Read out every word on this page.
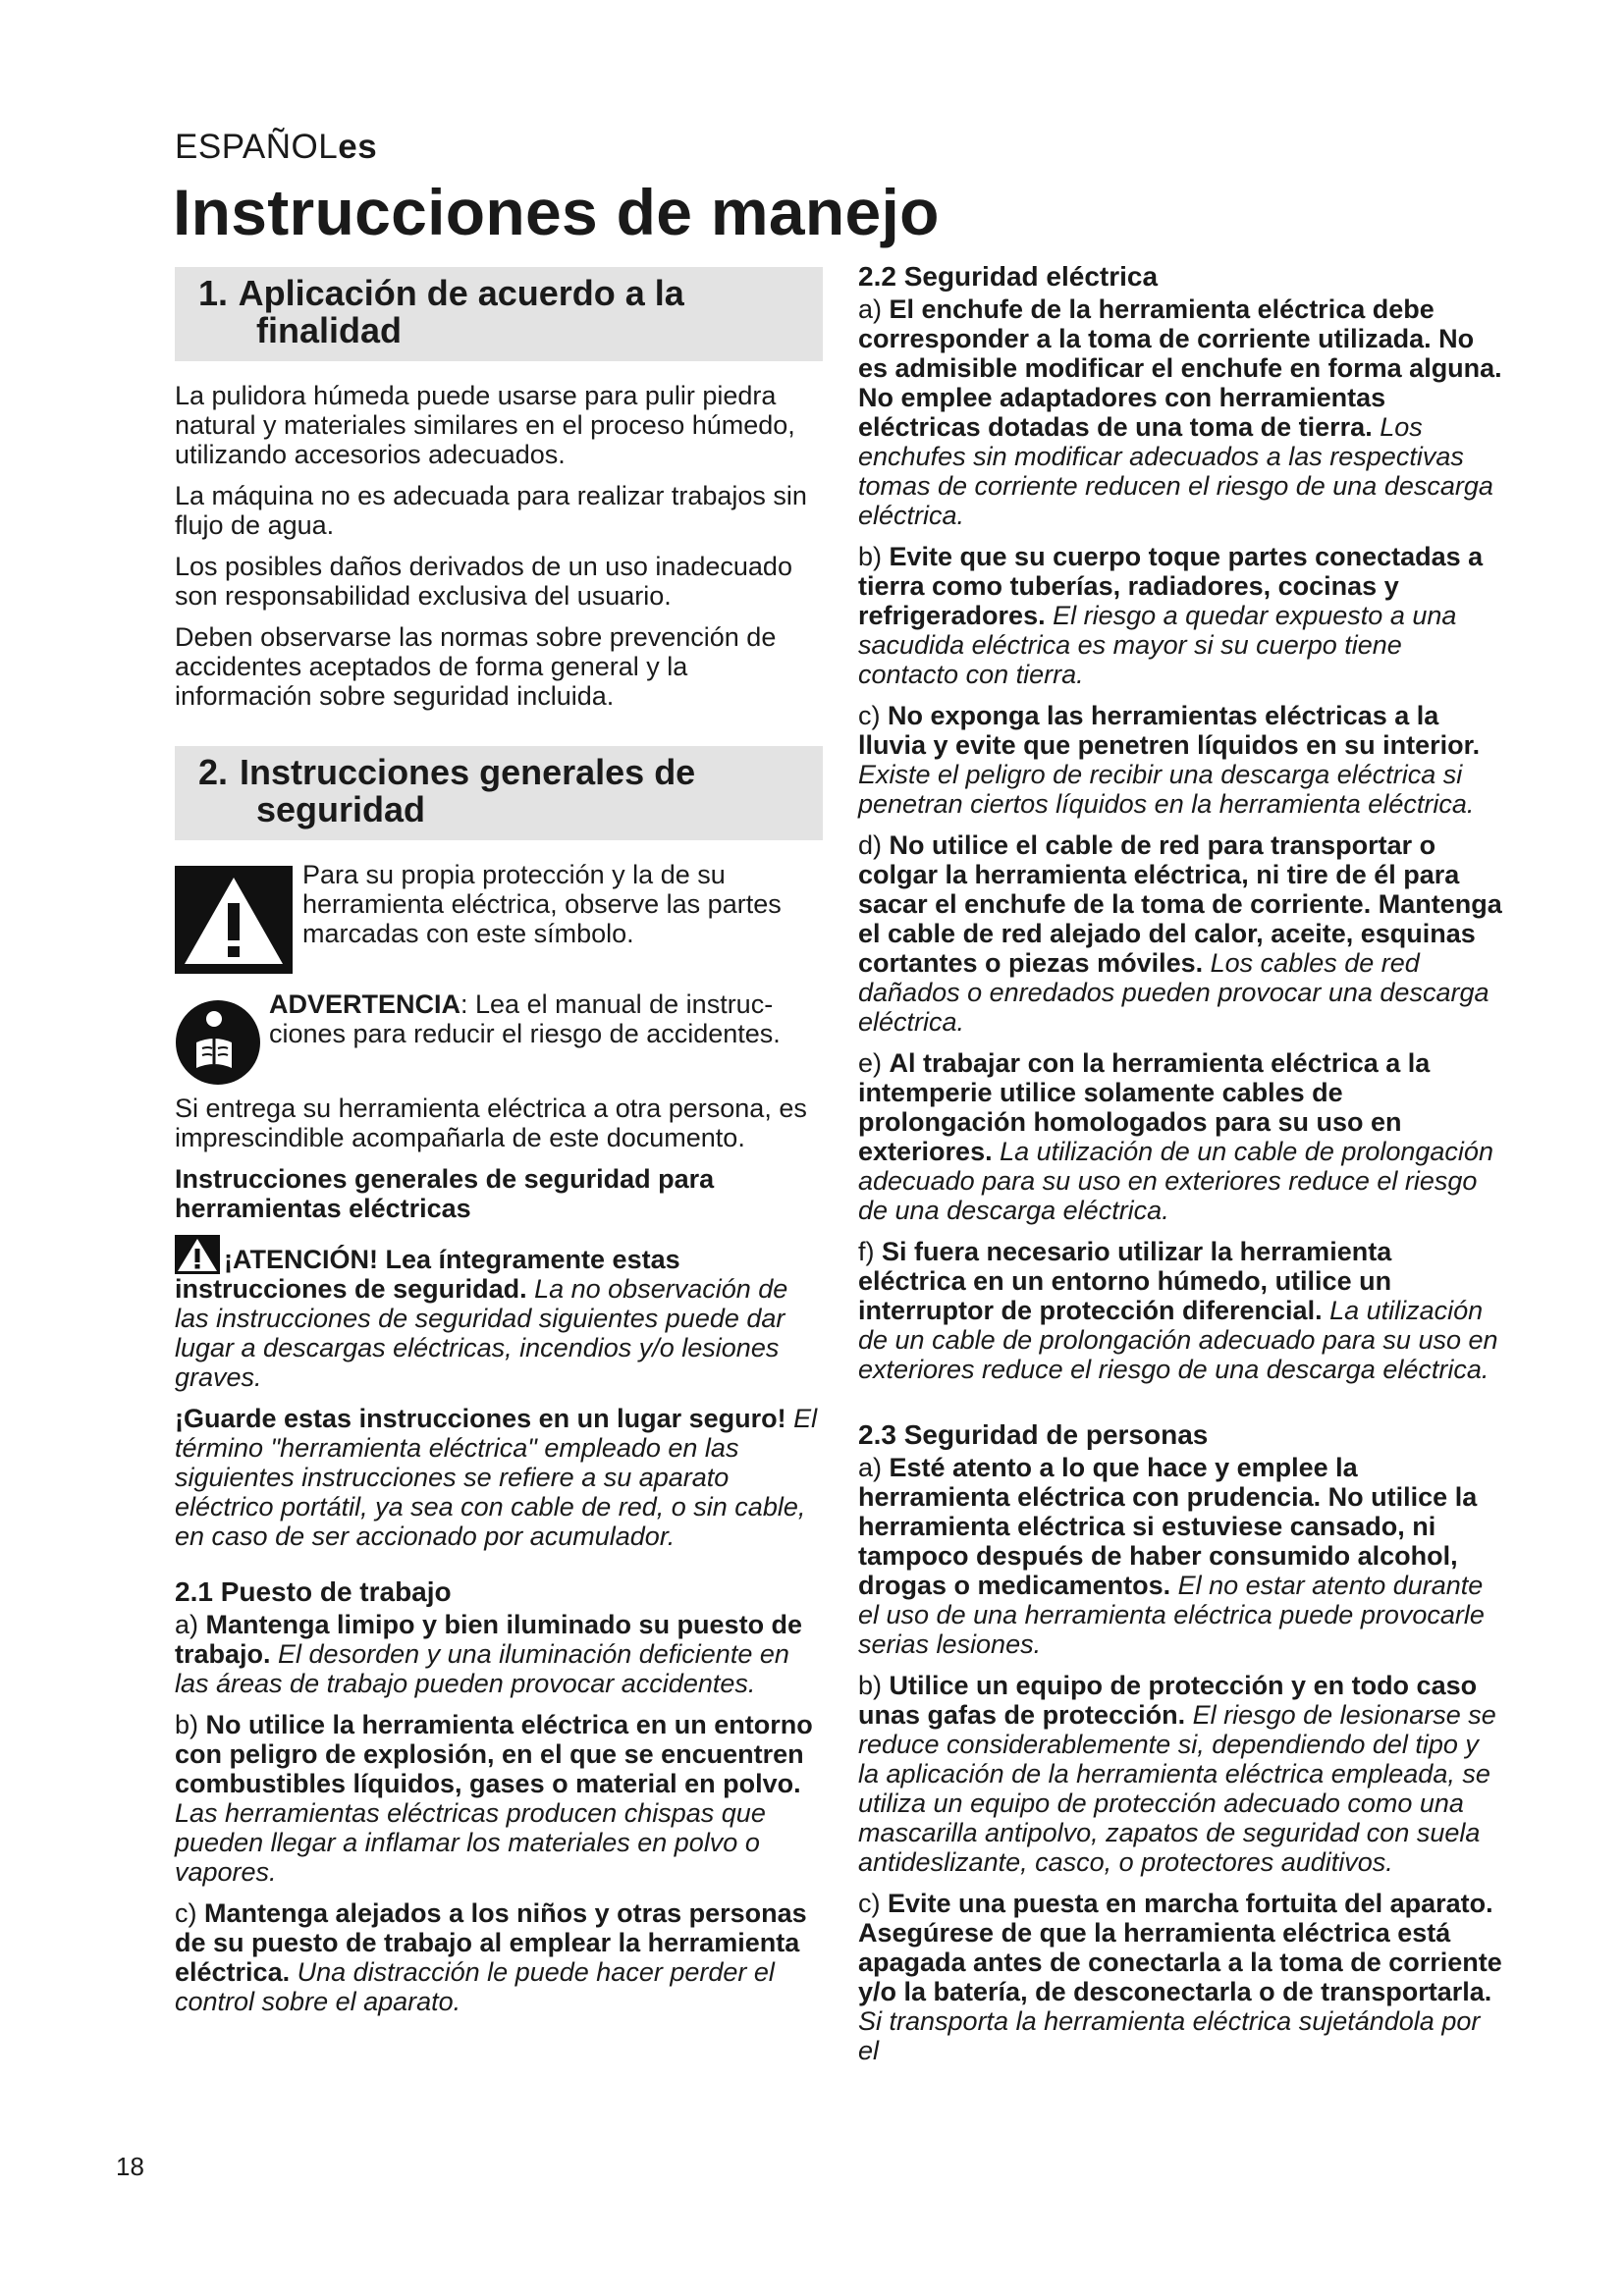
ESPAÑOLes
Instrucciones de manejo
1. Aplicación de acuerdo a la
finalidad

La pulidora húmeda puede usarse para pulir piedra natural y materiales similares en el proceso húmedo, utilizando accesorios adecuados.

La máquina no es adecuada para realizar trabajos sin flujo de agua.

Los posibles daños derivados de un uso inadecuado son responsabilidad exclusiva del usuario.

Deben observarse las normas sobre prevención de accidentes aceptados de forma general y la información sobre seguridad incluida.

2. Instrucciones generales de
seguridad

Para su propia protección y la de su herramienta eléctrica, observe las partes marcadas con este símbolo.

ADVERTENCIA: Lea el manual de instrucciones para reducir el riesgo de accidentes.

Si entrega su herramienta eléctrica a otra persona, es imprescindible acompañarla de este documento.

Instrucciones generales de seguridad para herramientas eléctricas

¡ATENCIÓN! Lea íntegramente estas instrucciones de seguridad. La no observación de las instrucciones de seguridad siguientes puede dar lugar a descargas eléctricas, incendios y/o lesiones graves.

¡Guarde estas instrucciones en un lugar seguro! El término "herramienta eléctrica" empleado en las siguientes instrucciones se refiere a su aparato eléctrico portátil, ya sea con cable de red, o sin cable, en caso de ser accionado por acumulador.

2.1 Puesto de trabajo

a) Mantenga limipo y bien iluminado su puesto de trabajo. El desorden y una iluminación deficiente en las áreas de trabajo pueden provocar accidentes.

b) No utilice la herramienta eléctrica en un entorno con peligro de explosión, en el que se encuentren combustibles líquidos, gases o material en polvo. Las herramientas eléctricas producen chispas que pueden llegar a inflamar los materiales en polvo o vapores.

c) Mantenga alejados a los niños y otras personas de su puesto de trabajo al emplear la herramienta eléctrica. Una distracción le puede hacer perder el control sobre el aparato.

2.2 Seguridad eléctrica

a) El enchufe de la herramienta eléctrica debe corresponder a la toma de corriente utilizada. No es admisible modificar el enchufe en forma alguna. No emplee adaptadores con herramientas eléctricas dotadas de una toma de tierra. Los enchufes sin modificar adecuados a las respectivas tomas de corriente reducen el riesgo de una descarga eléctrica.

b) Evite que su cuerpo toque partes conectadas a tierra como tuberías, radiadores, cocinas y refrigeradores. El riesgo a quedar expuesto a una sacudida eléctrica es mayor si su cuerpo tiene contacto con tierra.

c) No exponga las herramientas eléctricas a la lluvia y evite que penetren líquidos en su interior. Existe el peligro de recibir una descarga eléctrica si penetran ciertos líquidos en la herramienta eléctrica.

d) No utilice el cable de red para transportar o colgar la herramienta eléctrica, ni tire de él para sacar el enchufe de la toma de corriente. Mantenga el cable de red alejado del calor, aceite, esquinas cortantes o piezas móviles. Los cables de red dañados o enredados pueden provocar una descarga eléctrica.

e) Al trabajar con la herramienta eléctrica a la intemperie utilice solamente cables de prolongación homologados para su uso en exteriores. La utilización de un cable de prolongación adecuado para su uso en exteriores reduce el riesgo de una descarga eléctrica.

f) Si fuera necesario utilizar la herramienta eléctrica en un entorno húmedo, utilice un interruptor de protección diferencial. La utilización de un cable de prolongación adecuado para su uso en exteriores reduce el riesgo de una descarga eléctrica.

2.3 Seguridad de personas

a) Esté atento a lo que hace y emplee la herramienta eléctrica con prudencia. No utilice la herramienta eléctrica si estuviese cansado, ni tampoco después de haber consumido alcohol, drogas o medicamentos. El no estar atento durante el uso de una herramienta eléctrica puede provocarle serias lesiones.

b) Utilice un equipo de protección y en todo caso unas gafas de protección. El riesgo de lesionarse se reduce considerablemente si, dependiendo del tipo y la aplicación de la herramienta eléctrica empleada, se utiliza un equipo de protección adecuado como una mascarilla antipolvo, zapatos de seguridad con suela antideslizante, casco, o protectores auditivos.

c) Evite una puesta en marcha fortuita del aparato. Asegúrese de que la herramienta eléctrica está apagada antes de conectarla a la toma de corriente y/o la batería, de desconectarla o de transportarla. Si transporta la herramienta eléctrica sujetándola por el

18
